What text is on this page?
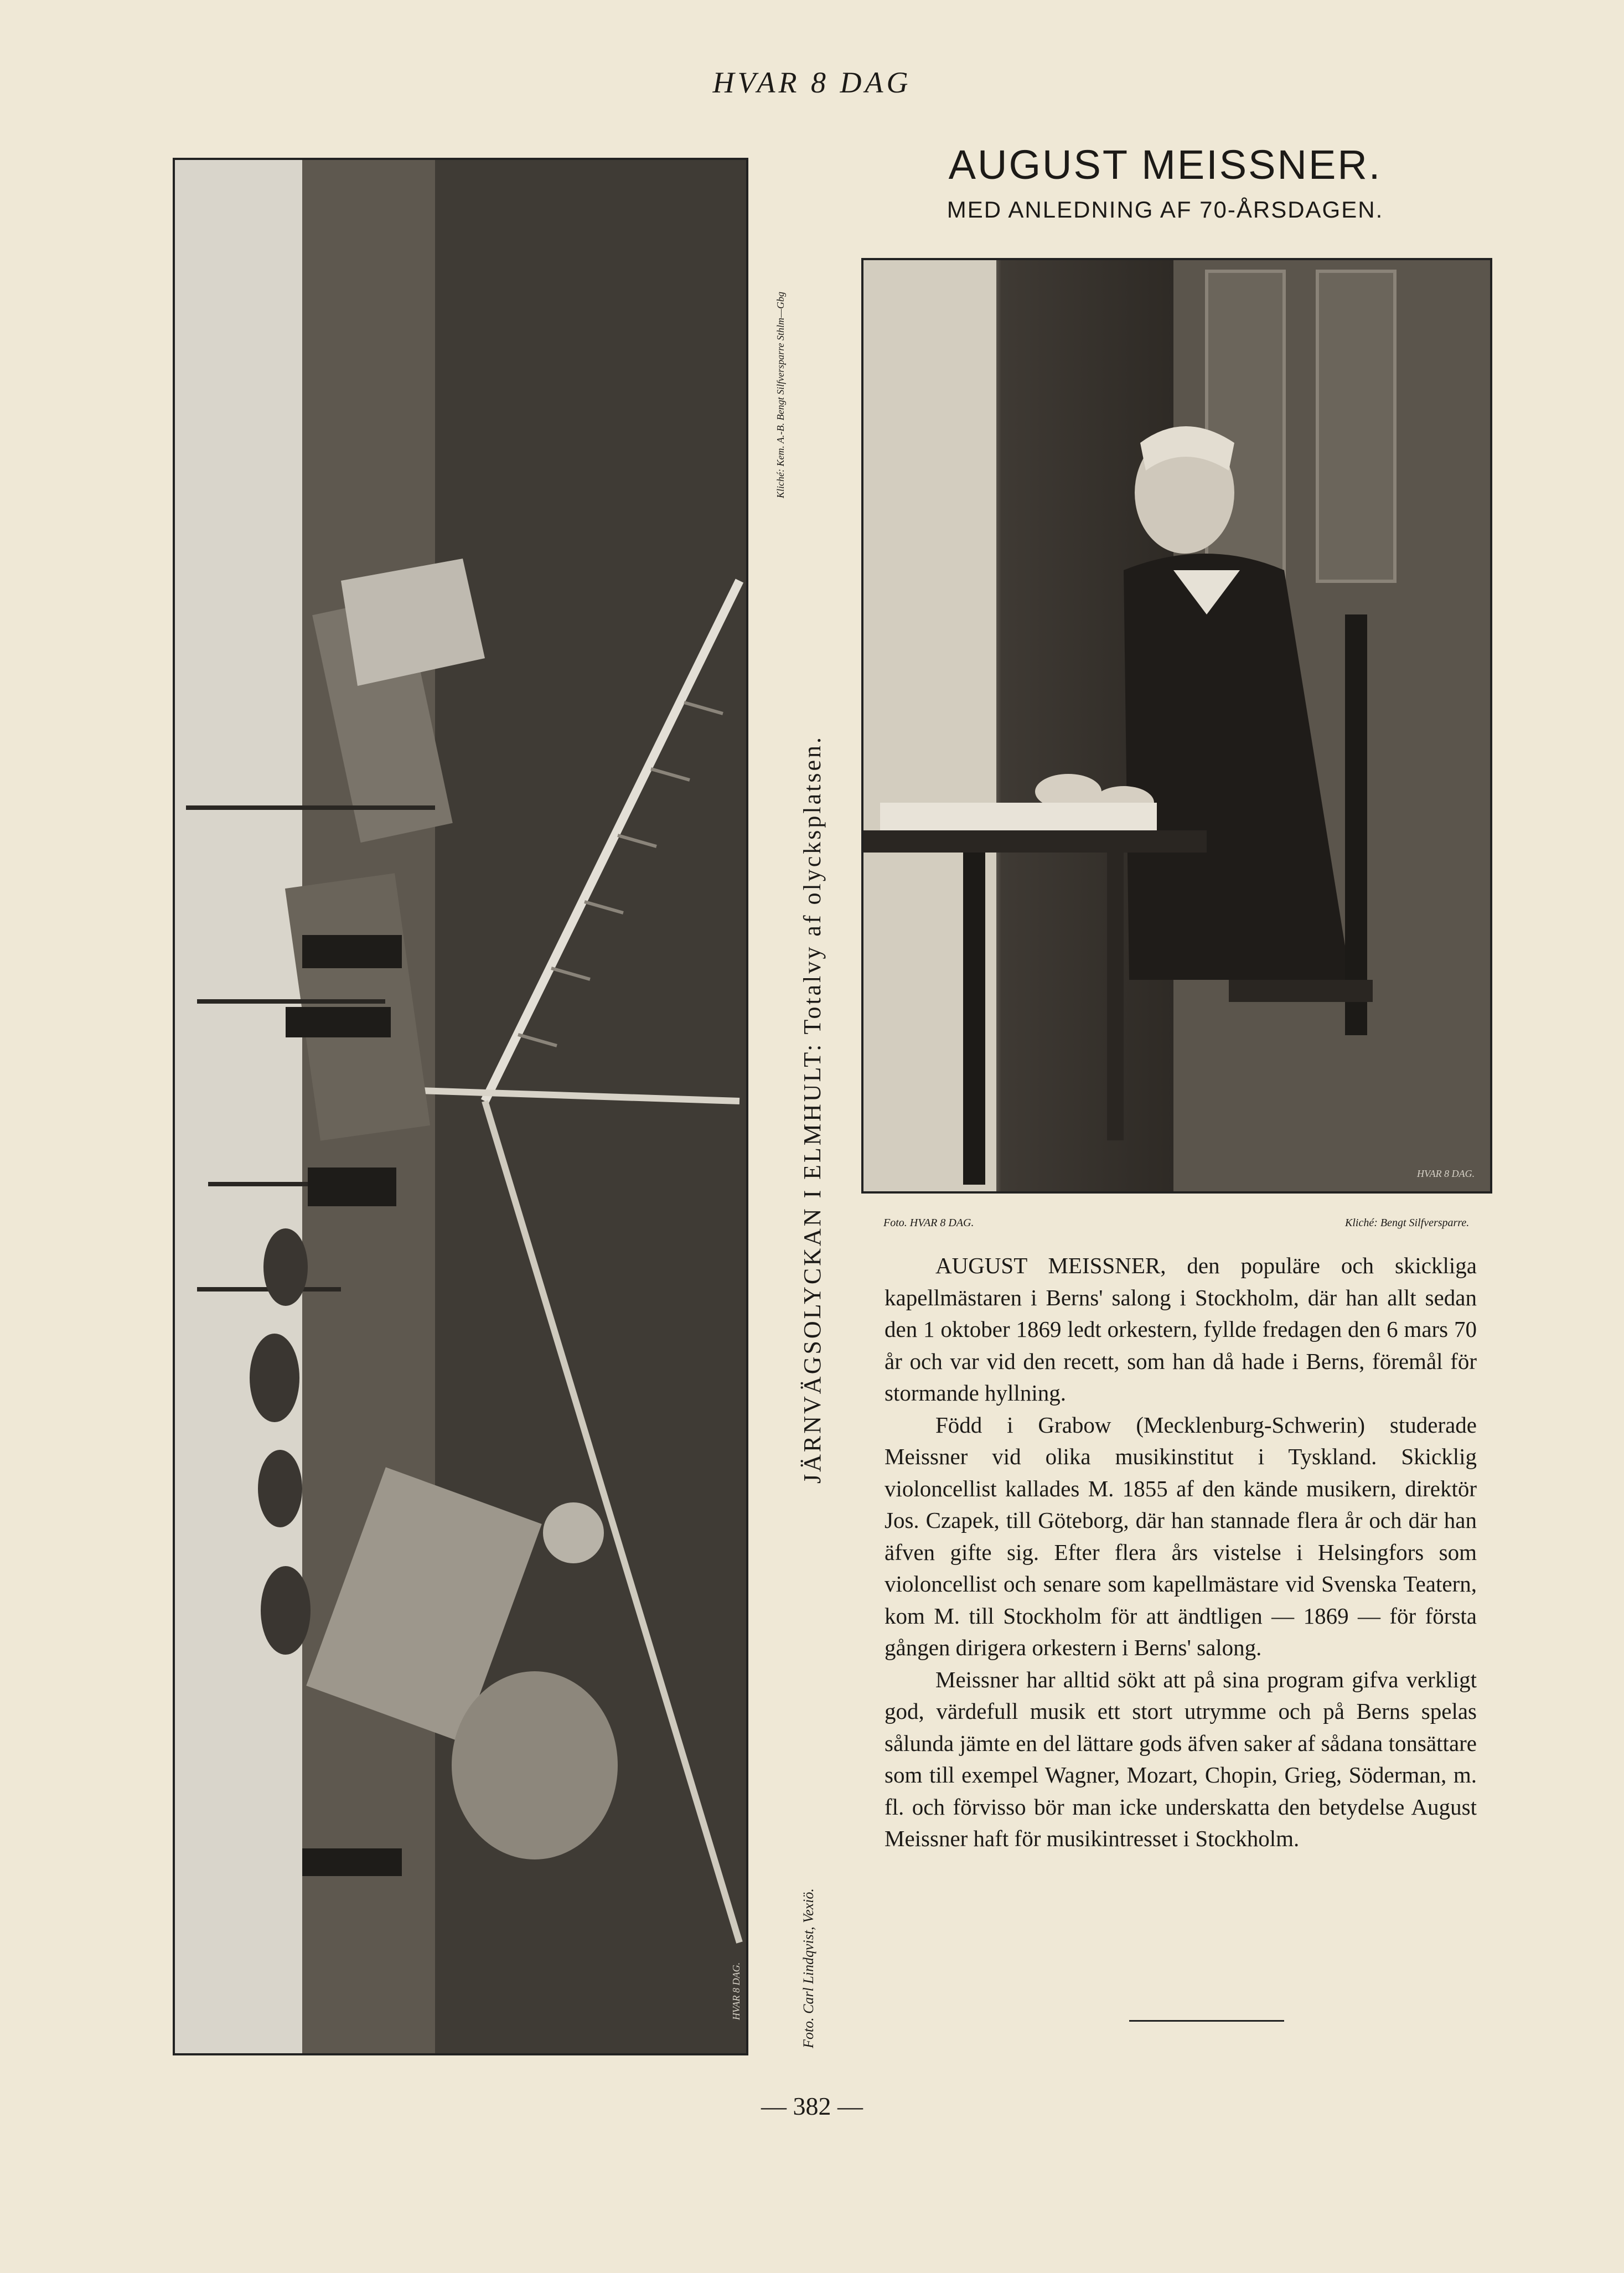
HVAR 8 DAG
HVAR 8 DAG.
JÄRNVÄGSOLYCKAN I ELMHULT: Totalvy af olycksplatsen.
Foto. Carl Lindqvist, Vexiö.
Kliché: Kem. A.-B. Bengt Silfversparre Sthlm—Gbg
AUGUST MEISSNER.
MED ANLEDNING AF 70-ÅRSDAGEN.
HVAR 8 DAG.
Foto. HVAR 8 DAG.	Kliché: Bengt Silfversparre.

AUGUST MEISSNER, den populäre och skickliga kapellmästaren i Berns' salong i Stockholm, där han allt sedan den 1 oktober 1869 ledt orkestern, fyllde fredagen den 6 mars 70 år och var vid den recett, som han då hade i Berns, föremål för stormande hyllning.

Född i Grabow (Mecklenburg-Schwerin) studerade Meissner vid olika musikinstitut i Tyskland. Skicklig violoncellist kallades M. 1855 af den kände musikern, direktör Jos. Czapek, till Göteborg, där han stannade flera år och där han äfven gifte sig. Efter flera års vistelse i Helsingfors som violoncellist och senare som kapellmästare vid Svenska Teatern, kom M. till Stockholm för att ändtligen — 1869 — för första gången dirigera orkestern i Berns' salong.

Meissner har alltid sökt att på sina program gifva verkligt god, värdefull musik ett stort utrymme och på Berns spelas sålunda jämte en del lättare gods äfven saker af sådana tonsättare som till exempel Wagner, Mozart, Chopin, Grieg, Söderman, m. fl. och förvisso bör man icke underskatta den betydelse August Meissner haft för musikintresset i Stockholm.

— 382 —
